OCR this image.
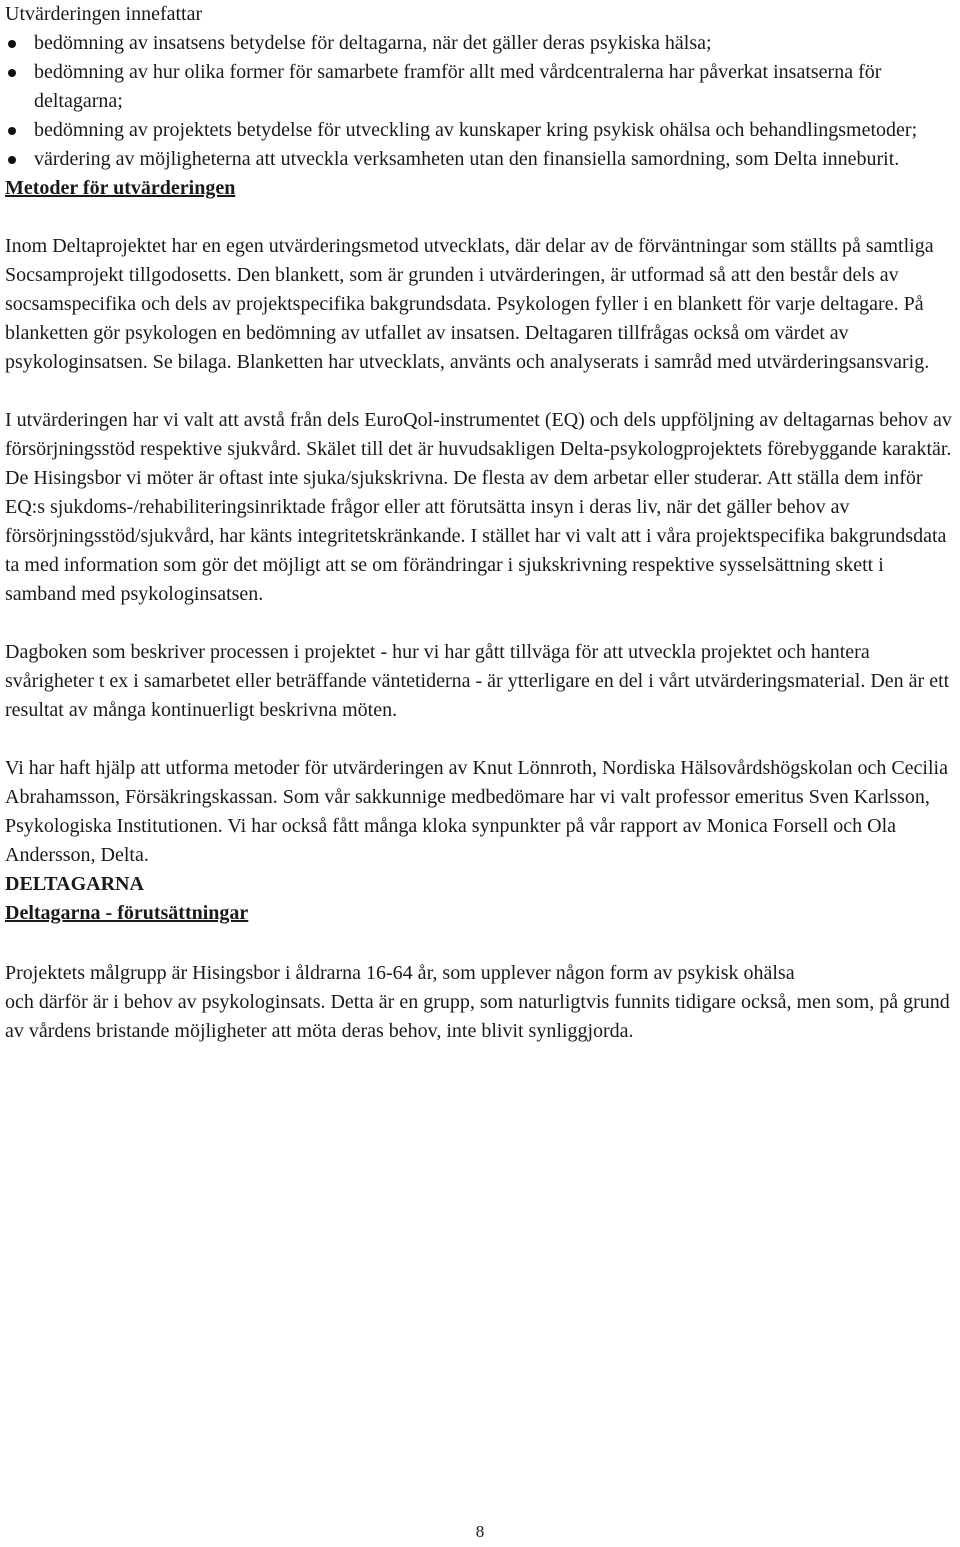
Utvärderingen innefattar

bedömning av insatsens betydelse för deltagarna, när det gäller deras psykiska hälsa;
bedömning av hur olika former för samarbete framför allt med vårdcentralerna har påverkat insatserna för deltagarna;
bedömning av projektets betydelse för utveckling av kunskaper kring psykisk ohälsa och behandlingsmetoder;
värdering av möjligheterna att utveckla verksamheten utan den finansiella samordning, som Delta inneburit.
Metoder för utvärderingen

Inom Deltaprojektet har en egen utvärderingsmetod utvecklats, där delar av de förväntningar som ställts på samtliga Socsamprojekt tillgodosetts. Den blankett, som är grunden i utvärderingen, är utformad så att den består dels av socsamspecifika och dels av projektspecifika bakgrundsdata. Psykologen fyller i en blankett för varje deltagare. På blanketten gör psykologen en bedömning av utfallet av insatsen. Deltagaren tillfrågas också om värdet av psykologinsatsen. Se bilaga. Blanketten har utvecklats, använts och analyserats i samråd med utvärderingsansvarig.

I utvärderingen har vi valt att avstå från dels EuroQol-instrumentet (EQ) och dels uppföljning av deltagarnas behov av försörjningsstöd respektive sjukvård. Skälet till det är huvudsakligen Delta-psykologprojektets förebyggande karaktär. De Hisingsbor vi möter är oftast inte sjuka/sjukskrivna. De flesta av dem arbetar eller studerar. Att ställa dem inför EQ:s sjukdoms-/rehabiliteringsinriktade frågor eller att förutsätta insyn i deras liv, när det gäller behov av försörjningsstöd/sjukvård, har känts integritetskränkande. I stället har vi valt att i våra projektspecifika bakgrundsdata ta med information som gör det möjligt att se om förändringar i sjukskrivning respektive sysselsättning skett i samband med psykologinsatsen.

Dagboken som beskriver processen i projektet - hur vi har gått tillväga för att utveckla projektet och hantera svårigheter t ex i samarbetet eller beträffande väntetiderna - är ytterligare en del i vårt utvärderingsmaterial. Den är ett resultat av många kontinuerligt beskrivna möten.

Vi har haft hjälp att utforma metoder för utvärderingen av Knut Lönnroth, Nordiska Hälsovårdshögskolan och Cecilia Abrahamsson, Försäkringskassan. Som vår sakkunnige medbedömare har vi valt professor emeritus Sven Karlsson, Psykologiska Institutionen. Vi har också fått många kloka synpunkter på vår rapport av Monica Forsell och Ola Andersson, Delta.

DELTAGARNA
Deltagarna - förutsättningar

Projektets målgrupp är Hisingsbor i åldrarna 16-64 år, som upplever någon form av psykisk ohälsa

och därför är i behov av psykologinsats. Detta är en grupp, som naturligtvis funnits tidigare också, men som, på grund av vårdens bristande möjligheter att möta deras behov, inte blivit synliggjorda.

8
